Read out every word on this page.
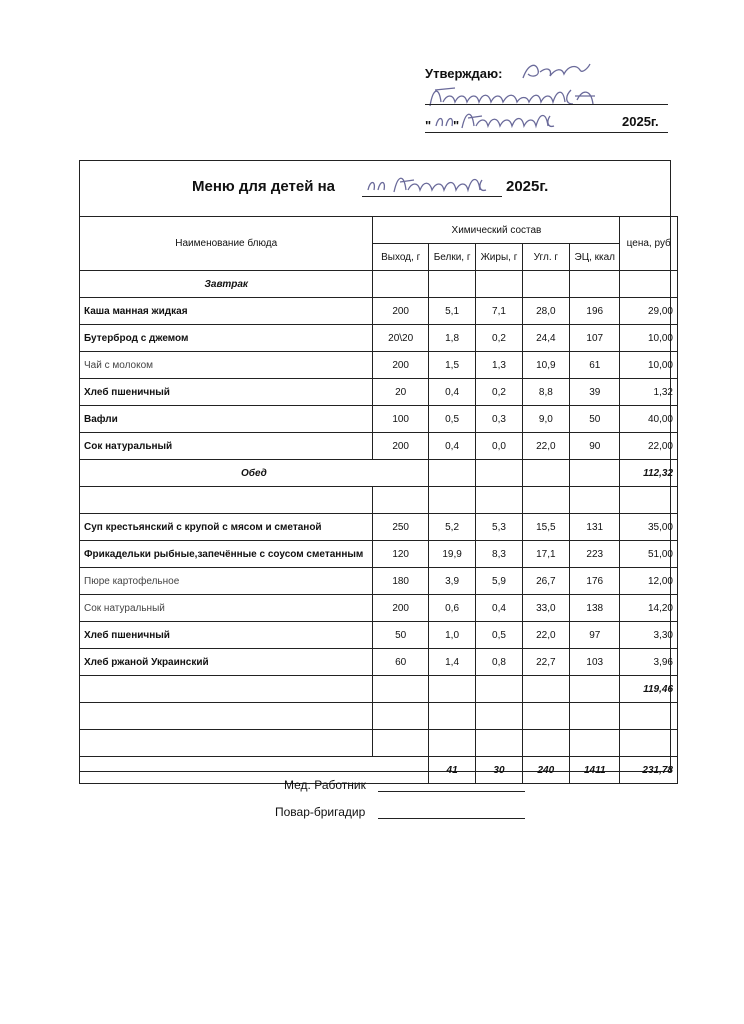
Утверждаю:
" "	2025г.
Меню для детей на	2025г.
Наименование блюда	Химический состав					цена, руб
	Выход, г	Белки, г	Жиры, г	Угл. г	ЭЦ, ккал	
Завтрак						
Каша манная жидкая	200	5,1	7,1	28,0	196	29,00
Бутерброд с джемом	20\20	1,8	0,2	24,4	107	10,00
Чай с молоком	200	1,5	1,3	10,9	61	10,00
Хлеб пшеничный	20	0,4	0,2	8,8	39	1,32
Вафли	100	0,5	0,3	9,0	50	40,00
Сок натуральный	200	0,4	0,0	22,0	90	22,00
Обед						112,32

Суп крестьянский с крупой с мясом и сметаной	250	5,2	5,3	15,5	131	35,00
Фрикадельки рыбные,запечённые с соусом сметанным	120	19,9	8,3	17,1	223	51,00
Пюре картофельное	180	3,9	5,9	26,7	176	12,00
Сок натуральный	200	0,6	0,4	33,0	138	14,20
Хлеб пшеничный	50	1,0	0,5	22,0	97	3,30
Хлеб ржаной Украинский	60	1,4	0,8	22,7	103	3,96
						119,46

		41	30	240	1411	231,78
Мед. Работник
Повар-бригадир
